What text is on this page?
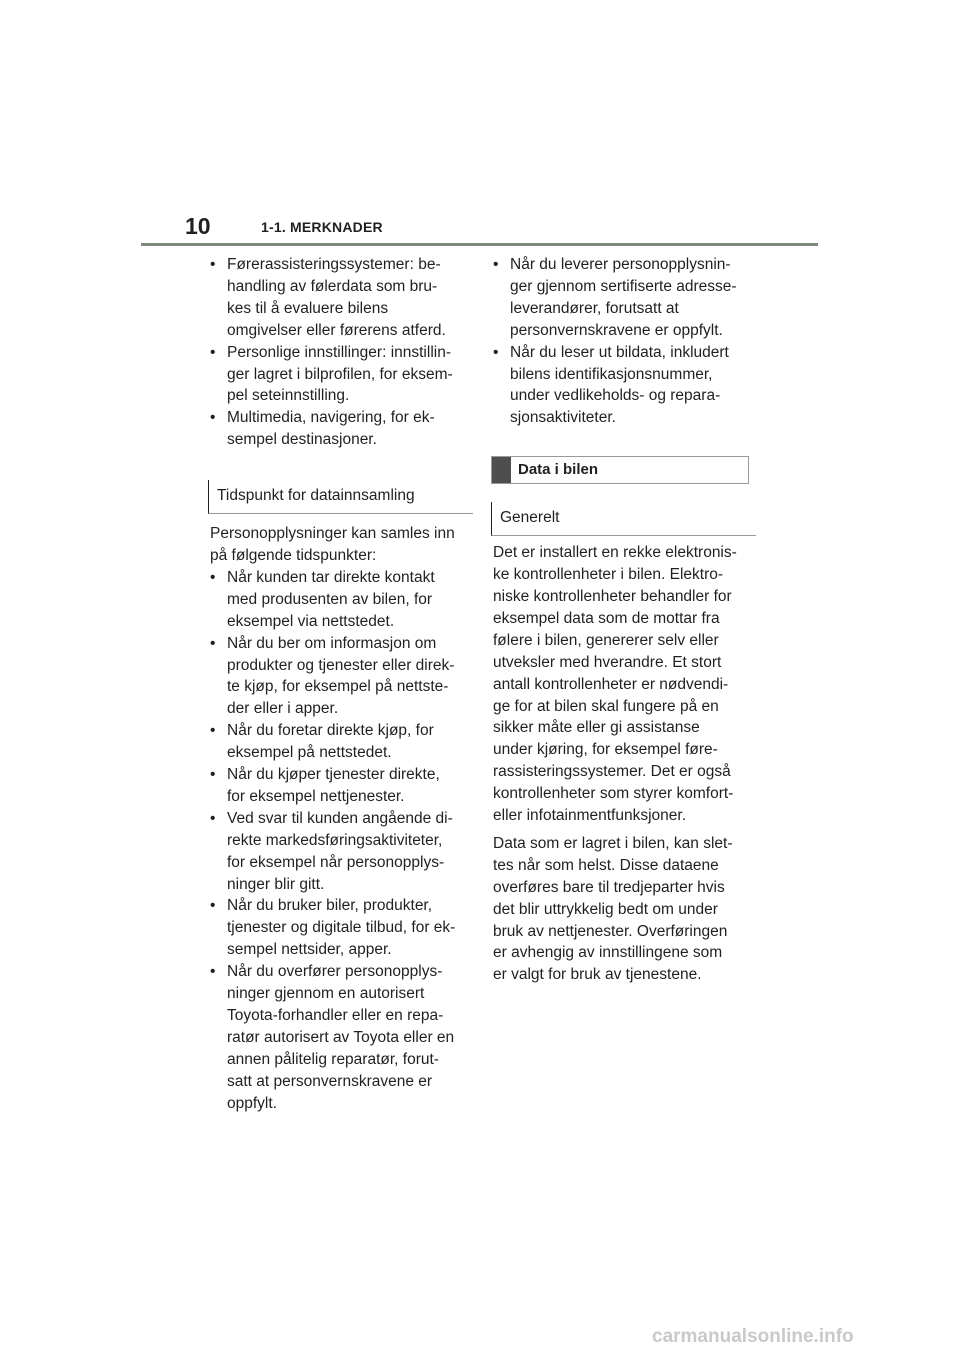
10	1-1. MERKNADER
• Førerassisteringssystemer: be-
handling av følerdata som bru-
kes til å evaluere bilens
omgivelser eller førerens atferd.
• Personlige innstillinger: innstillin-
ger lagret i bilprofilen, for eksem-
pel seteinnstilling.
• Multimedia, navigering, for ek-
sempel destinasjoner.
Tidspunkt for datainnsamling

Personopplysninger kan samles inn
på følgende tidspunkter:

• Når kunden tar direkte kontakt
med produsenten av bilen, for
eksempel via nettstedet.
• Når du ber om informasjon om
produkter og tjenester eller direk-
te kjøp, for eksempel på nettste-
der eller i apper.
• Når du foretar direkte kjøp, for
eksempel på nettstedet.
• Når du kjøper tjenester direkte,
for eksempel nettjenester.
• Ved svar til kunden angående di-
rekte markedsføringsaktiviteter,
for eksempel når personopplys-
ninger blir gitt.
• Når du bruker biler, produkter,
tjenester og digitale tilbud, for ek-
sempel nettsider, apper.
• Når du overfører personopplys-
ninger gjennom en autorisert
Toyota-forhandler eller en repa-
ratør autorisert av Toyota eller en
annen pålitelig reparatør, forut-
satt at personvernskravene er
oppfylt.
• Når du leverer personopplysnin-
ger gjennom sertifiserte adresse-
leverandører, forutsatt at
personvernskravene er oppfylt.
• Når du leser ut bildata, inkludert
bilens identifikasjonsnummer,
under vedlikeholds- og repara-
sjonsaktiviteter.
Data i bilen
Generelt

Det er installert en rekke elektronis-
ke kontrollenheter i bilen. Elektro-
niske kontrollenheter behandler for
eksempel data som de mottar fra
følere i bilen, genererer selv eller
utveksler med hverandre. Et stort
antall kontrollenheter er nødvendi-
ge for at bilen skal fungere på en
sikker måte eller gi assistanse
under kjøring, for eksempel føre-
rassisteringssystemer. Det er også
kontrollenheter som styrer komfort-
eller infotainmentfunksjoner.

Data som er lagret i bilen, kan slet-
tes når som helst. Disse dataene
overføres bare til tredjeparter hvis
det blir uttrykkelig bedt om under
bruk av nettjenester. Overføringen
er avhengig av innstillingene som
er valgt for bruk av tjenestene.

carmanualsonline.info
